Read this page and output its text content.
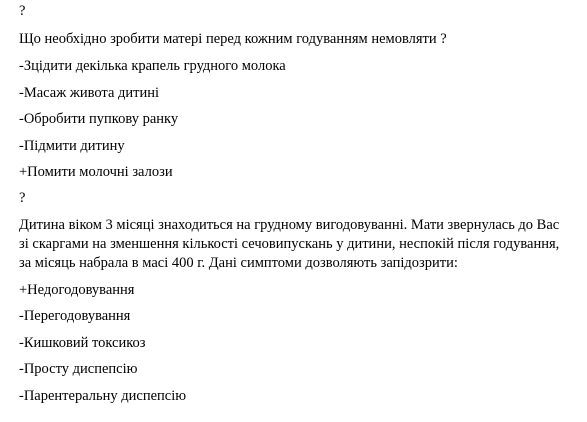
?
Що необхідно зробити матері перед кожним годуванням немовляти ?
-Зцідити декілька крапель грудного молока
-Масаж живота дитині
-Обробити пупкову ранку
-Підмити дитину
+Помити молочні залози
?
Дитина віком 3 місяці знаходиться на грудному вигодовуванні. Мати звернулась до Вас
зі скаргами на зменшення кількості сечовипускань у дитини, неспокій після годування,
за місяць набрала в масі 400 г. Дані симптоми дозволяють запідозрити:
+Недогодовування
-Перегодовування
-Кишковий токсикоз
-Просту диспепсію
-Парентеральну диспепсію
